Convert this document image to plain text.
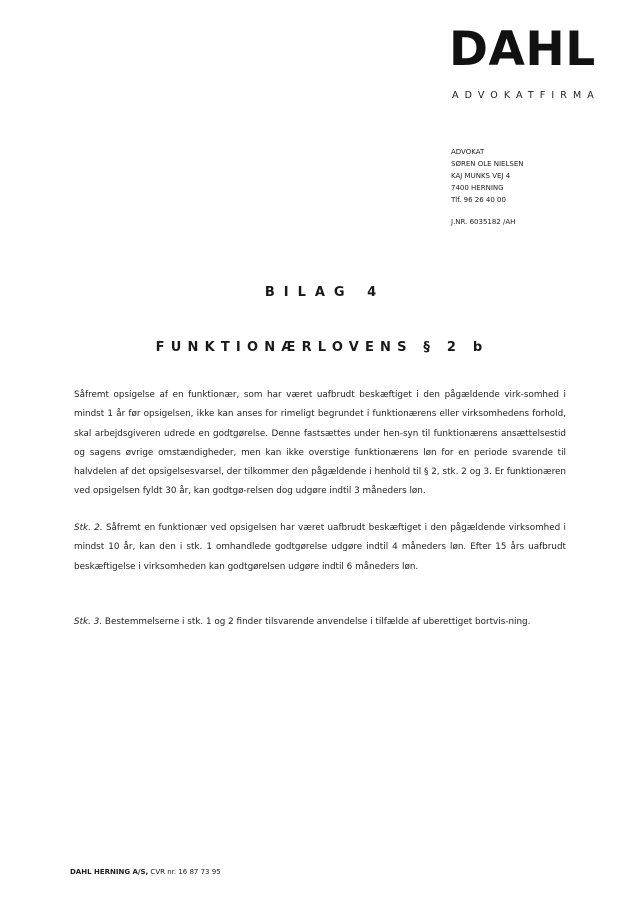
DAHL
ADVOKATFIRMA
ADVOKAT
SØREN OLE NIELSEN
KAJ MUNKS VEJ 4
7400 HERNING
Tlf. 96 26 40 00
J.NR. 6035182 /AH
BILAG 4
FUNKTIONÆRLOVENS § 2 b
Såfremt opsigelse af en funktionær, som har været uafbrudt beskæftiget i den pågældende virk-somhed i mindst 1 år før opsigelsen, ikke kan anses for rimeligt begrundet i funktionærens eller virksomhedens forhold, skal arbejdsgiveren udrede en godtgørelse. Denne fastsættes under hen-syn til funktionærens ansættelsestid og sagens øvrige omstændigheder, men kan ikke overstige funktionærens løn for en periode svarende til halvdelen af det opsigelsesvarsel, der tilkommer den pågældende i henhold til § 2, stk. 2 og 3. Er funktionæren ved opsigelsen fyldt 30 år, kan godtgø-relsen dog udgøre indtil 3 måneders løn.
Stk. 2. Såfremt en funktionær ved opsigelsen har været uafbrudt beskæftiget i den pågældende virksomhed i mindst 10 år, kan den i stk. 1 omhandlede godtgørelse udgøre indtil 4 måneders løn. Efter 15 års uafbrudt beskæftigelse i virksomheden kan godtgørelsen udgøre indtil 6 måneders løn.
Stk. 3. Bestemmelserne i stk. 1 og 2 finder tilsvarende anvendelse i tilfælde af uberettiget bortvis-ning.
DAHL HERNING A/S, CVR nr. 16 87 73 95
